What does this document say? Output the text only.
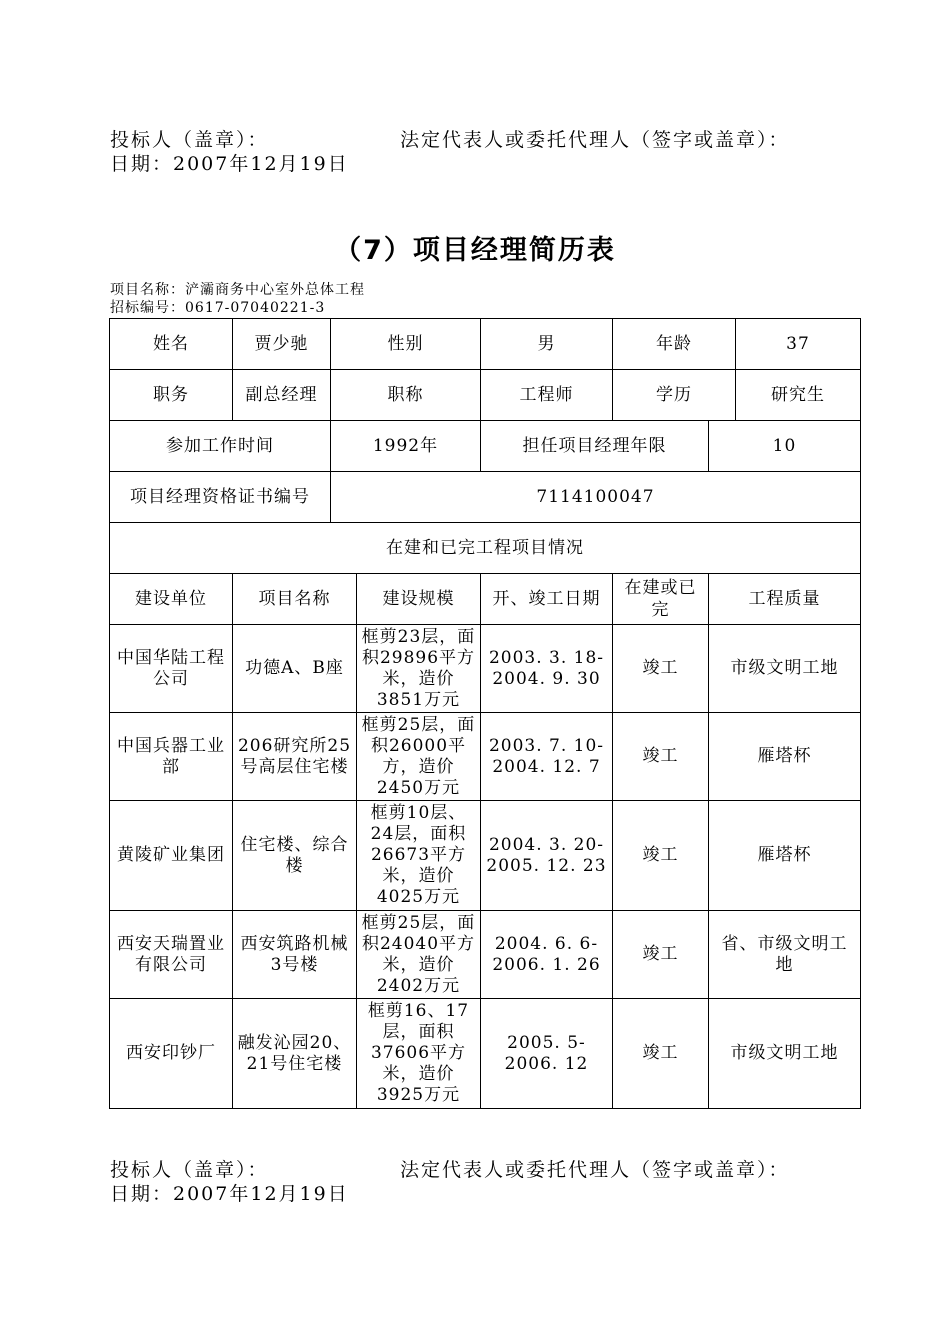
投标人（盖章）：	法定代表人或委托代理人（签字或盖章）：
日期：2007年12月19日
（7）项目经理简历表
项目名称：浐灞商务中心室外总体工程
招标编号：0617-07040221-3
姓名	贾少驰	性别		男	年龄		37
职务	副总经理	职称		工程师	学历		研究生
参加工作时间		1992年		担任项目经理年限		10	
项目经理资格证书编号		7114100047					
在建和已完工程项目情况							
建设单位	项目名称		建设规模	开、竣工日期	在建或已完	工程质量	
中国华陆工程公司	功德A、B座		框剪23层，面积29896平方米，造价3851万元	2003. 3. 18-2004. 9. 30	竣工	市级文明工地	
中国兵器工业部	206研究所25号高层住宅楼		框剪25层，面积26000平方，造价2450万元	2003. 7. 10-2004. 12. 7	竣工	雁塔杯	
黄陵矿业集团	住宅楼、综合楼		框剪10层、24层，面积26673平方米，造价4025万元	2004. 3. 20-2005. 12. 23	竣工	雁塔杯	
西安天瑞置业有限公司	西安筑路机械3号楼		框剪25层，面积24040平方米，造价2402万元	2004. 6. 6-2006. 1. 26	竣工	省、市级文明工地	
西安印钞厂	融发沁园20、21号住宅楼		框剪16、17层，面积37606平方米，造价3925万元	2005. 5-2006. 12	竣工	市级文明工地	
投标人（盖章）：	法定代表人或委托代理人（签字或盖章）：
日期：2007年12月19日
